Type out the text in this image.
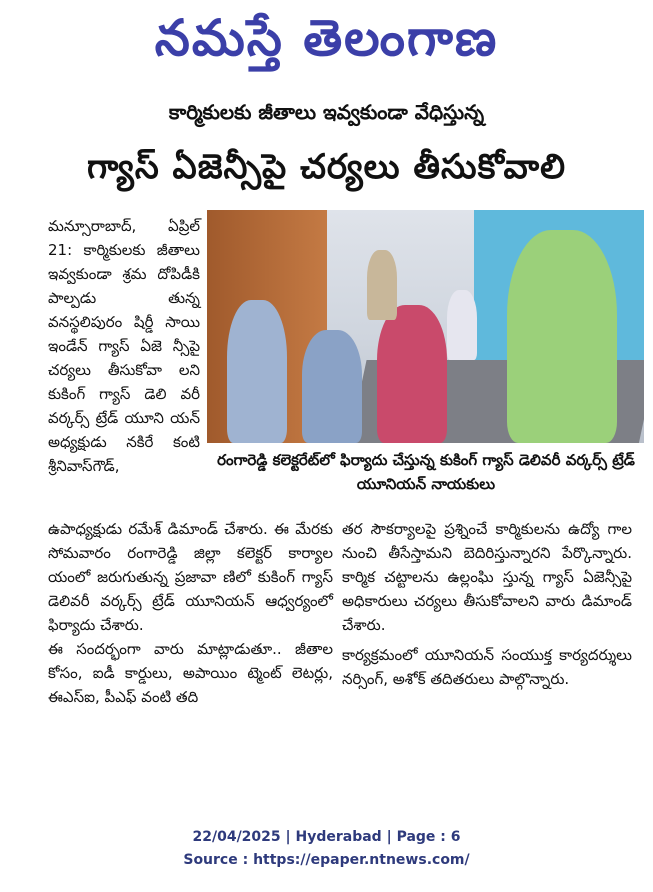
నమస్తే తెలంగాణ
కార్మికులకు జీతాలు ఇవ్వకుండా వేధిస్తున్న
గ్యాస్ ఏజెన్సీపై చర్యలు తీసుకోవాలి

మన్సూరాబాద్, ఏప్రిల్ 21: కార్మికులకు జీతాలు ఇవ్వకుండా శ్రమ దోపిడీకి పాల్పడు తున్న వనస్థలిపురం షిర్డీ సాయి ఇండేన్ గ్యాస్ ఏజె న్సీపై చర్యలు తీసుకోవా లని కుకింగ్ గ్యాస్ డెలి వరీ వర్కర్స్ ట్రేడ్ యూని యన్ అధ్యక్షుడు నకిరే కంటి శ్రీనివాస్‌గౌడ్,	రంగారెడ్డి కలెక్టరేట్‌లో ఫిర్యాదు చేస్తున్న కుకింగ్ గ్యాస్ డెలివరీ వర్కర్స్ ట్రేడ్ యూనియన్ నాయకులు

ఉపాధ్యక్షుడు రమేశ్ డిమాండ్ చేశారు. ఈ మేరకు సోమవారం రంగారెడ్డి జిల్లా కలెక్టర్ కార్యాల యంలో జరుగుతున్న ప్రజావా ణిలో కుకింగ్ గ్యాస్ డెలివరీ వర్కర్స్ ట్రేడ్ యూనియన్ ఆధ్వర్యంలో ఫిర్యాదు చేశారు.

ఈ సందర్భంగా వారు మాట్లాడుతూ.. జీతాల కోసం, ఐడీ కార్డులు, అపాయిం ట్మెంట్ లెటర్లు, ఈఎస్ఐ, పీఎఫ్ వంటి తది

తర సౌకర్యాలపై ప్రశ్నించే కార్మికులను ఉద్యో గాల నుంచి తీసేస్తామని బెదిరిస్తున్నారని పేర్కొన్నారు. కార్మిక చట్టాలను ఉల్లంఘి స్తున్న గ్యాస్ ఏజెన్సీపై అధికారులు చర్యలు తీసుకోవాలని వారు డిమాండ్ చేశారు.

కార్యక్రమంలో యూనియన్ సంయుక్త కార్యదర్శులు నర్సింగ్, అశోక్ తదితరులు పాల్గొన్నారు.

22/04/2025 | Hyderabad | Page : 6
Source : https://epaper.ntnews.com/
